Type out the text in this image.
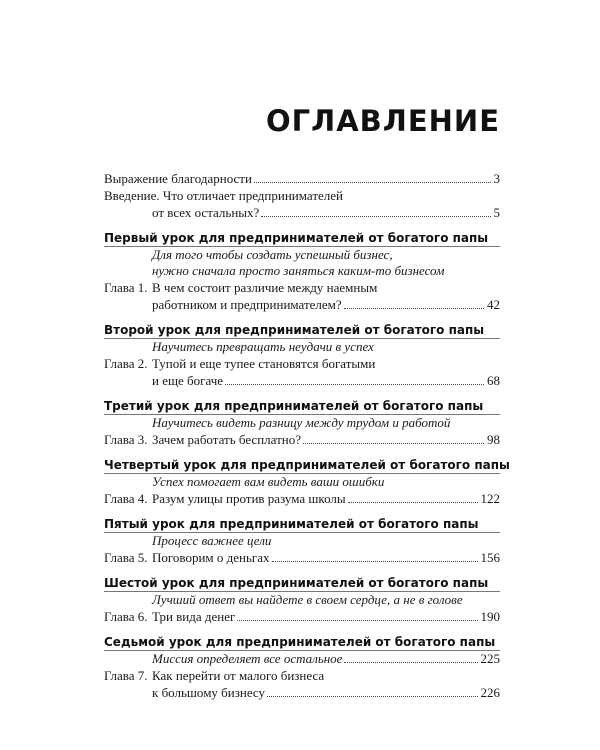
ОГЛАВЛЕНИЕ
Выражение благодарности	3
Введение. Что отличает предпринимателей
от всех остальных?	5
Первый урок для предпринимателей от богатого папы
Для того чтобы создать успешный бизнес,
нужно сначала просто заняться каким-то бизнесом
Глава 1. В чем состоит различие между наемным
работником и предпринимателем?	42
Второй урок для предпринимателей от богатого папы
Научитесь превращать неудачи в успех
Глава 2. Тупой и еще тупее становятся богатыми
и еще богаче	68
Третий урок для предпринимателей от богатого папы
Научитесь видеть разницу между трудом и работой
Глава 3. Зачем работать бесплатно?	98
Четвертый урок для предпринимателей от богатого папы
Успех помогает вам видеть ваши ошибки
Глава 4. Разум улицы против разума школы	122
Пятый урок для предпринимателей от богатого папы
Процесс важнее цели
Глава 5. Поговорим о деньгах	156
Шестой урок для предпринимателей от богатого папы
Лучший ответ вы найдете в своем сердце, а не в голове
Глава 6. Три вида денег	190
Седьмой урок для предпринимателей от богатого папы
Миссия определяет все остальное	225
Глава 7. Как перейти от малого бизнеса
к большому бизнесу	226
